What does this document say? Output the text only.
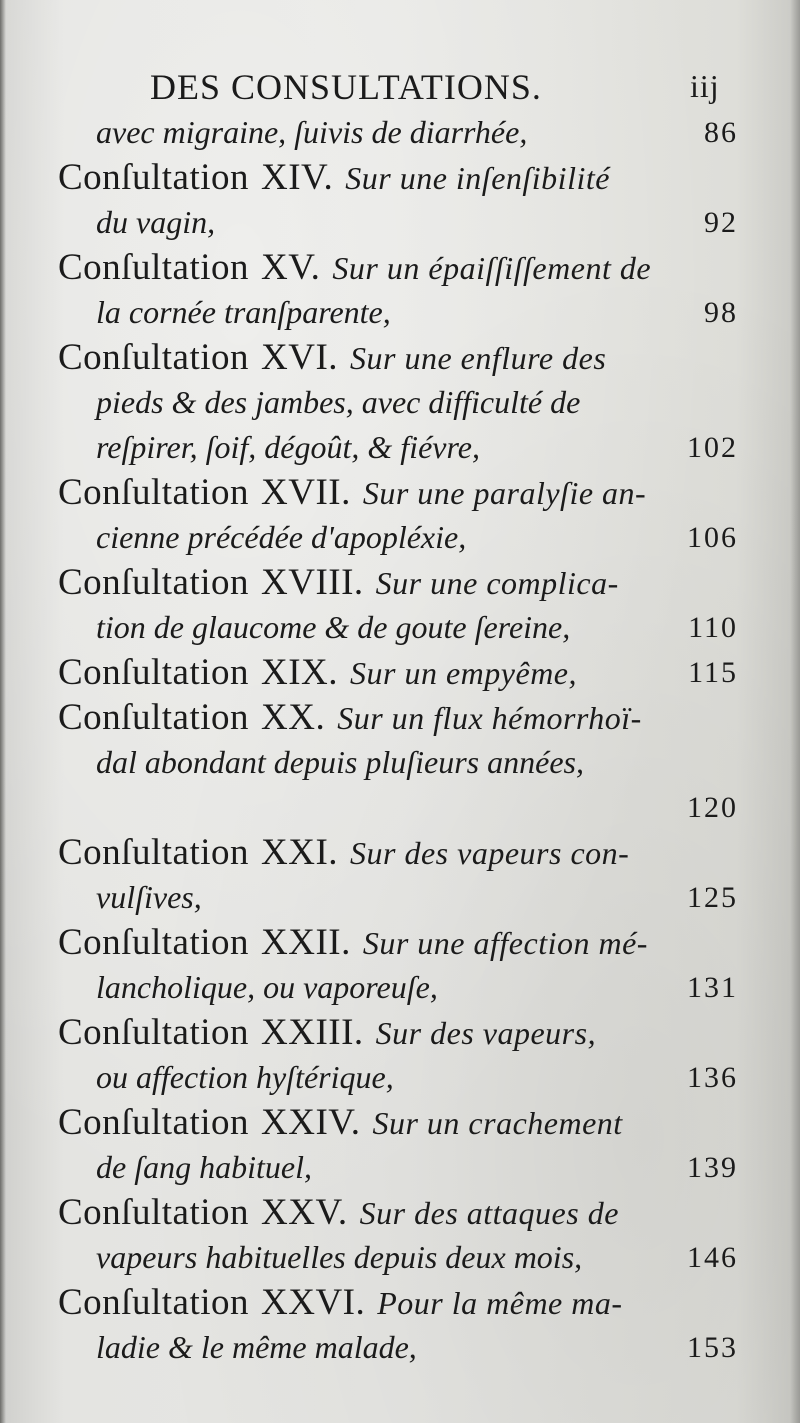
DES CONSULTATIONS.	iij
avec migraine, ſuivis de diarrhée,	86
Conſultation XIV. Sur une inſenſibilité
du vagin,	92
Conſultation XV. Sur un épaiſſiſſement de
la cornée tranſparente,	98
Conſultation XVI. Sur une enflure des
pieds & des jambes, avec difficulté de
reſpirer, ſoif, dégoût, & fiévre,	102
Conſultation XVII. Sur une paralyſie an-
cienne précédée d'apopléxie,	106
Conſultation XVIII. Sur une complica-
tion de glaucome & de goute ſereine,	110
Conſultation XIX. Sur un empyême,	115
Conſultation XX. Sur un flux hémorrhoï-
dal abondant depuis pluſieurs années,
120
Conſultation XXI. Sur des vapeurs con-
vulſives,	125
Conſultation XXII. Sur une affection mé-
lancholique, ou vaporeuſe,	131
Conſultation XXIII. Sur des vapeurs,
ou affection hyſtérique,	136
Conſultation XXIV. Sur un crachement
de ſang habituel,	139
Conſultation XXV. Sur des attaques de
vapeurs habituelles depuis deux mois,	146
Conſultation XXVI. Pour la même ma-
ladie & le même malade,	153
